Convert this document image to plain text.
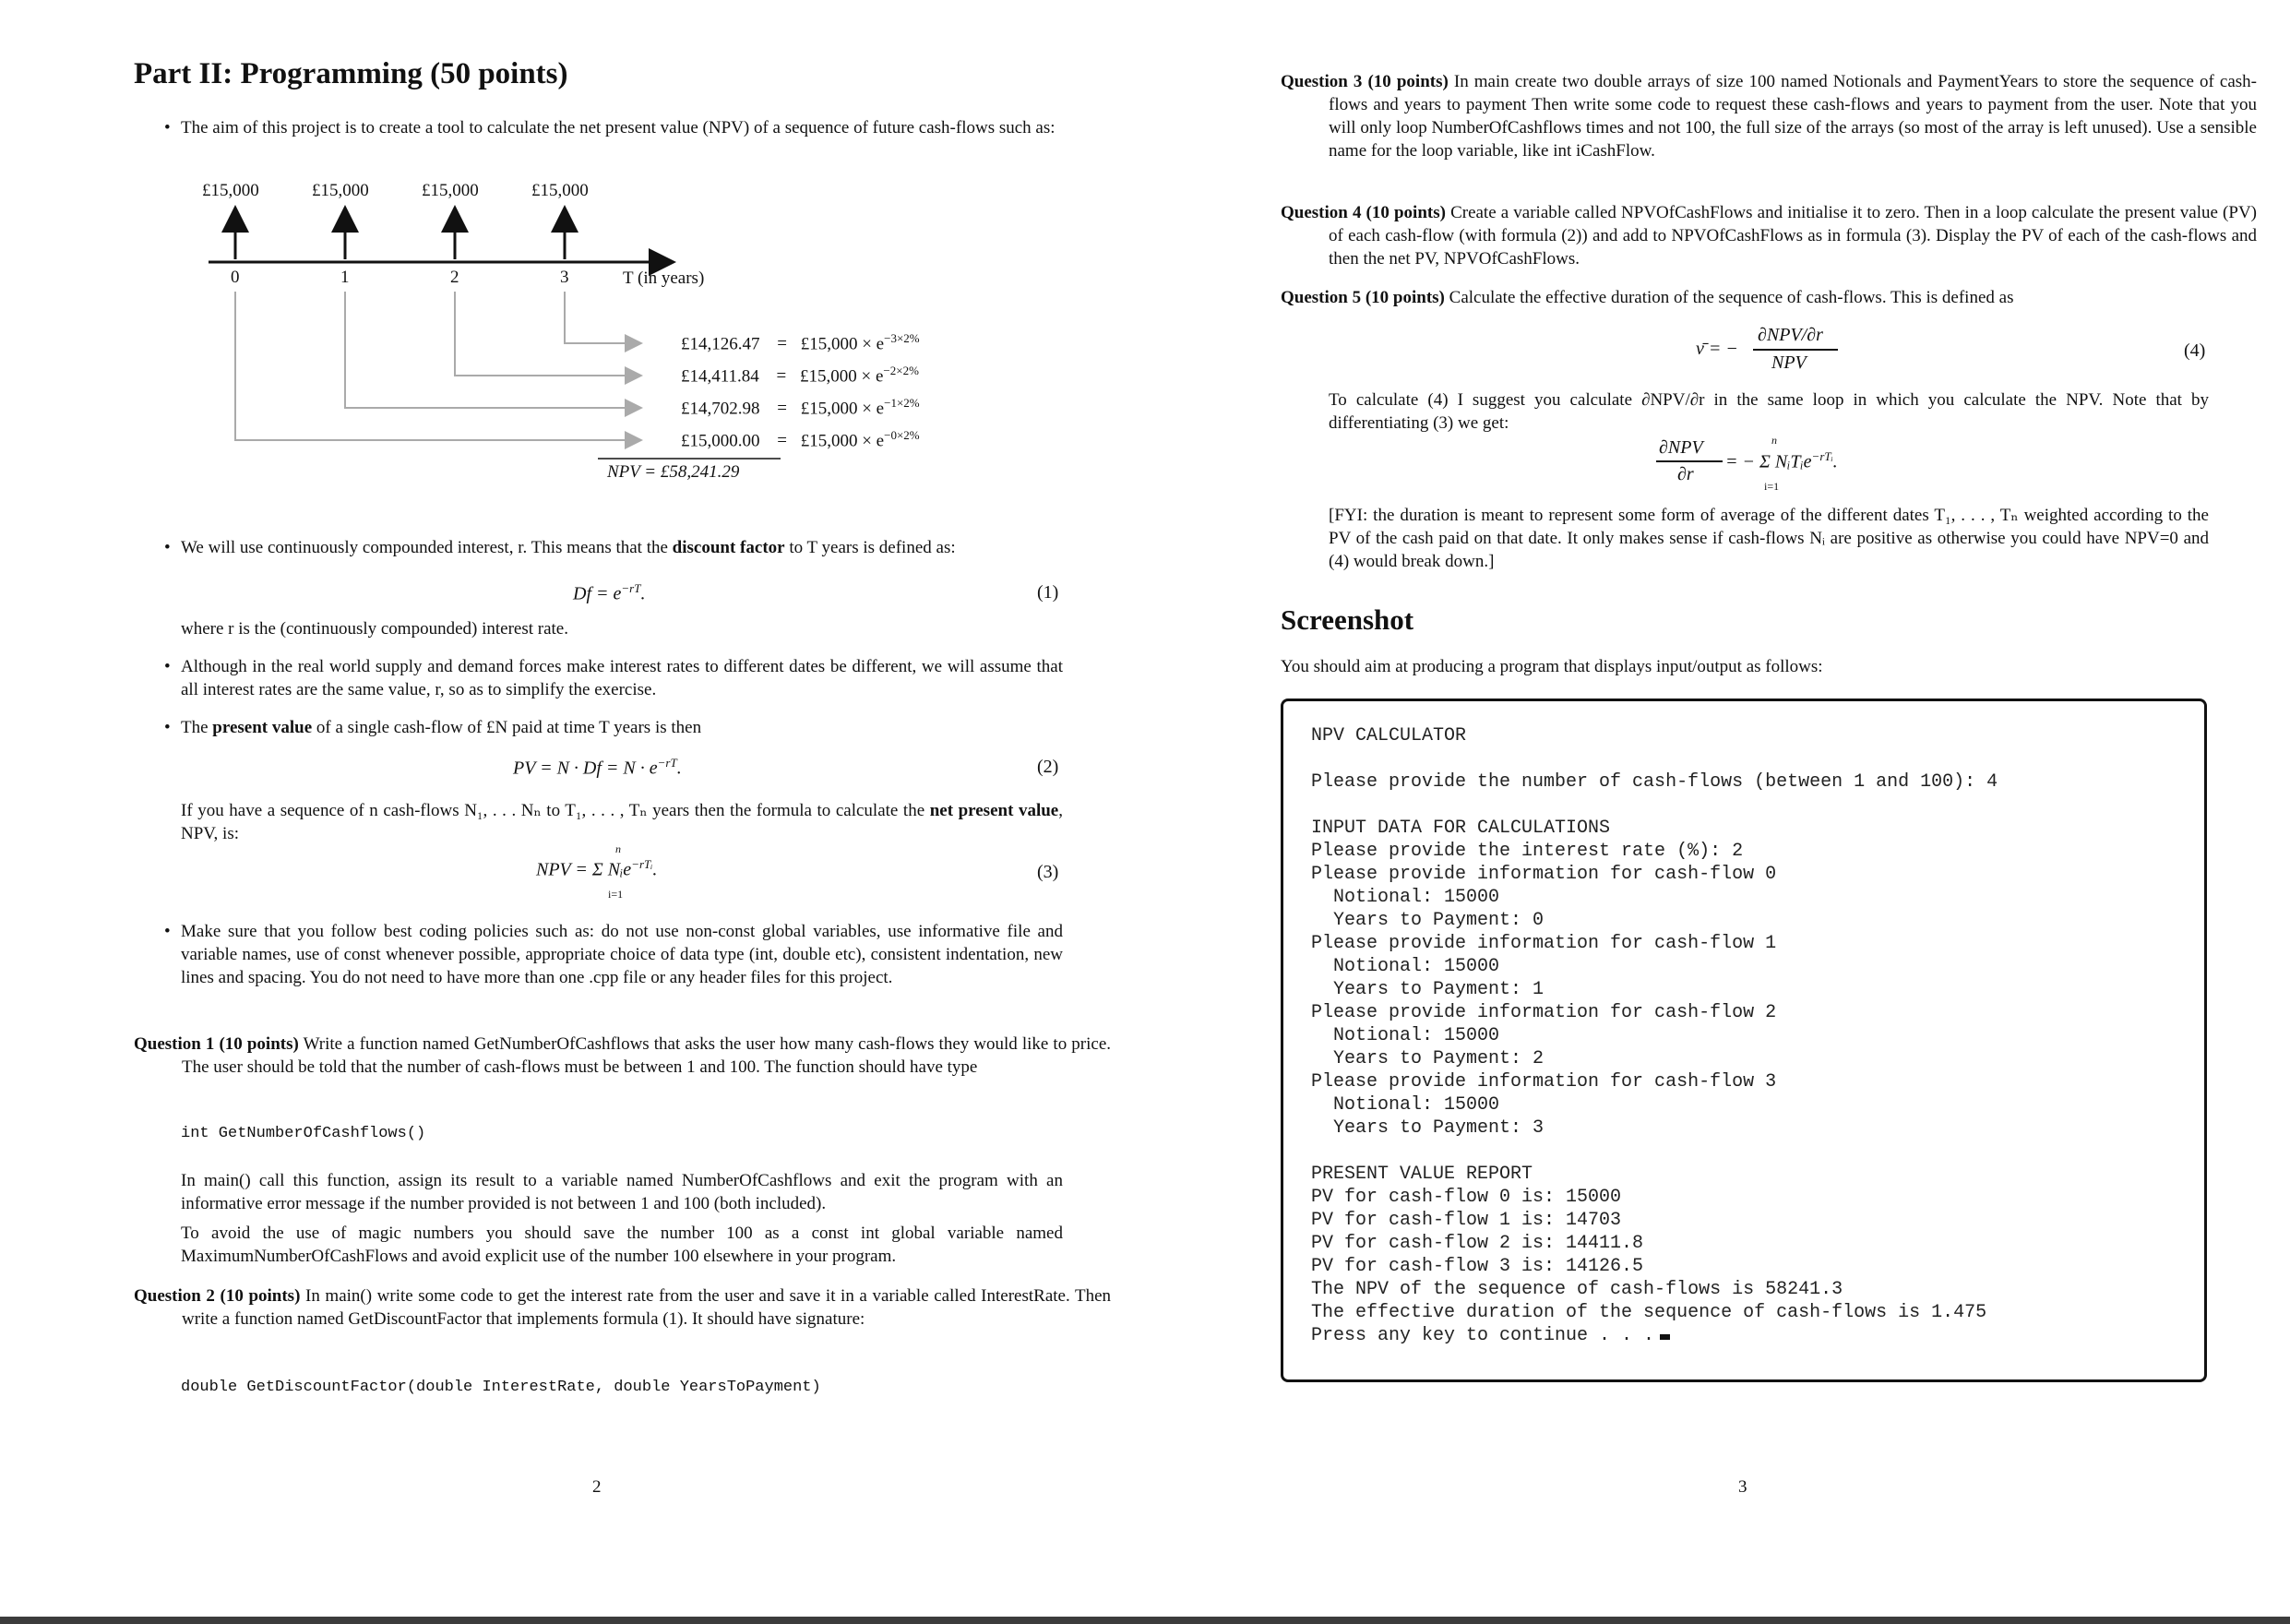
Part II: Programming (50 points)
• The aim of this project is to create a tool to calculate the net present value (NPV) of a sequence of future cash-flows such as:
£15,000	£15,000	£15,000	£15,000
0	1	2	3	T (in years)
£14,126.47 = £15,000 × $e^{-3\times 2\%}$
£14,411.84 = £15,000 × $e^{-2\times 2\%}$
£14,702.98 = £15,000 × $e^{-1\times 2\%}$
£15,000.00 = £15,000 × $e^{-0\times 2\%}$
NPV = £58,241.29
• We will use continuously compounded interest, r. This means that the discount factor to T years is defined as:
$Df = e^{-rT}$.	(1)
where r is the (continuously compounded) interest rate.
• Although in the real world supply and demand forces make interest rates to different dates be different, we will assume that all interest rates are the same value, r, so as to simplify the exercise.
• The present value of a single cash-flow of £N paid at time T years is then
PV = $N \cdot Df = N \cdot e^{-rT}$.	(2)
If you have a sequence of n cash-flows N₁, . . . Nₙ to T₁, . . . , Tₙ years then the formula to calculate the net present value, NPV, is:
NPV = Σ Nᵢe$^{-rTᵢ}$.
n
i=1
(3)
• Make sure that you follow best coding policies such as: do not use non-const global variables, use informative file and variable names, use of const whenever possible, appropriate choice of data type (int, double etc), consistent indentation, new lines and spacing. You do not need to have more than one .cpp file or any header files for this project.
Question 1 (10 points) Write a function named GetNumberOfCashflows that asks the user how many cash-flows they would like to price. The user should be told that the number of cash-flows must be between 1 and 100. The function should have type
int GetNumberOfCashflows()
In main() call this function, assign its result to a variable named NumberOfCashflows and exit the program with an informative error message if the number provided is not between 1 and 100 (both included).
To avoid the use of magic numbers you should save the number 100 as a const int global variable named MaximumNumberOfCashFlows and avoid explicit use of the number 100 elsewhere in your program.
Question 2 (10 points) In main() write some code to get the interest rate from the user and save it in a variable called InterestRate. Then write a function named GetDiscountFactor that implements formula (1). It should have signature:
double GetDiscountFactor(double InterestRate, double YearsToPayment)
2
Question 3 (10 points) In main create two double arrays of size 100 named Notionals and PaymentYears to store the sequence of cash-flows and years to payment Then write some code to request these cash-flows and years to payment from the user. Note that you will only loop NumberOfCashflows times and not 100, the full size of the arrays (so most of the array is left unused). Use a sensible name for the loop variable, like int iCashFlow.
Question 4 (10 points) Create a variable called NPVOfCashFlows and initialise it to zero. Then in a loop calculate the present value (PV) of each cash-flow (with formula (2)) and add to NPVOfCashFlows as in formula (3). Display the PV of each of the cash-flows and then the net PV, NPVOfCashFlows.
Question 5 (10 points) Calculate the effective duration of the sequence of cash-flows. This is defined as
ν̄ = −
∂NPV/∂r
NPV
(4)
To calculate (4) I suggest you calculate ∂NPV/∂r in the same loop in which you calculate the NPV. Note that by differentiating (3) we get:
∂NPV
∂r
= − Σ NᵢTᵢe$^{-rTᵢ}$.
n
i=1
[FYI: the duration is meant to represent some form of average of the different dates T₁, . . . , Tₙ weighted according to the PV of the cash paid on that date. It only makes sense if cash-flows Nᵢ are positive as otherwise you could have NPV=0 and (4) would break down.]
Screenshot
You should aim at producing a program that displays input/output as follows:
NPV CALCULATOR
Please provide the number of cash-flows (between 1 and 100): 4
INPUT DATA FOR CALCULATIONS
Please provide the interest rate (%): 2
Please provide information for cash-flow 0
Notional: 15000
Years to Payment: 0
Please provide information for cash-flow 1
Notional: 15000
Years to Payment: 1
Please provide information for cash-flow 2
Notional: 15000
Years to Payment: 2
Please provide information for cash-flow 3
Notional: 15000
Years to Payment: 3
PRESENT VALUE REPORT
PV for cash-flow 0 is: 15000
PV for cash-flow 1 is: 14703
PV for cash-flow 2 is: 14411.8
PV for cash-flow 3 is: 14126.5
The NPV of the sequence of cash-flows is 58241.3
The effective duration of the sequence of cash-flows is 1.475
Press any key to continue . . .
3
